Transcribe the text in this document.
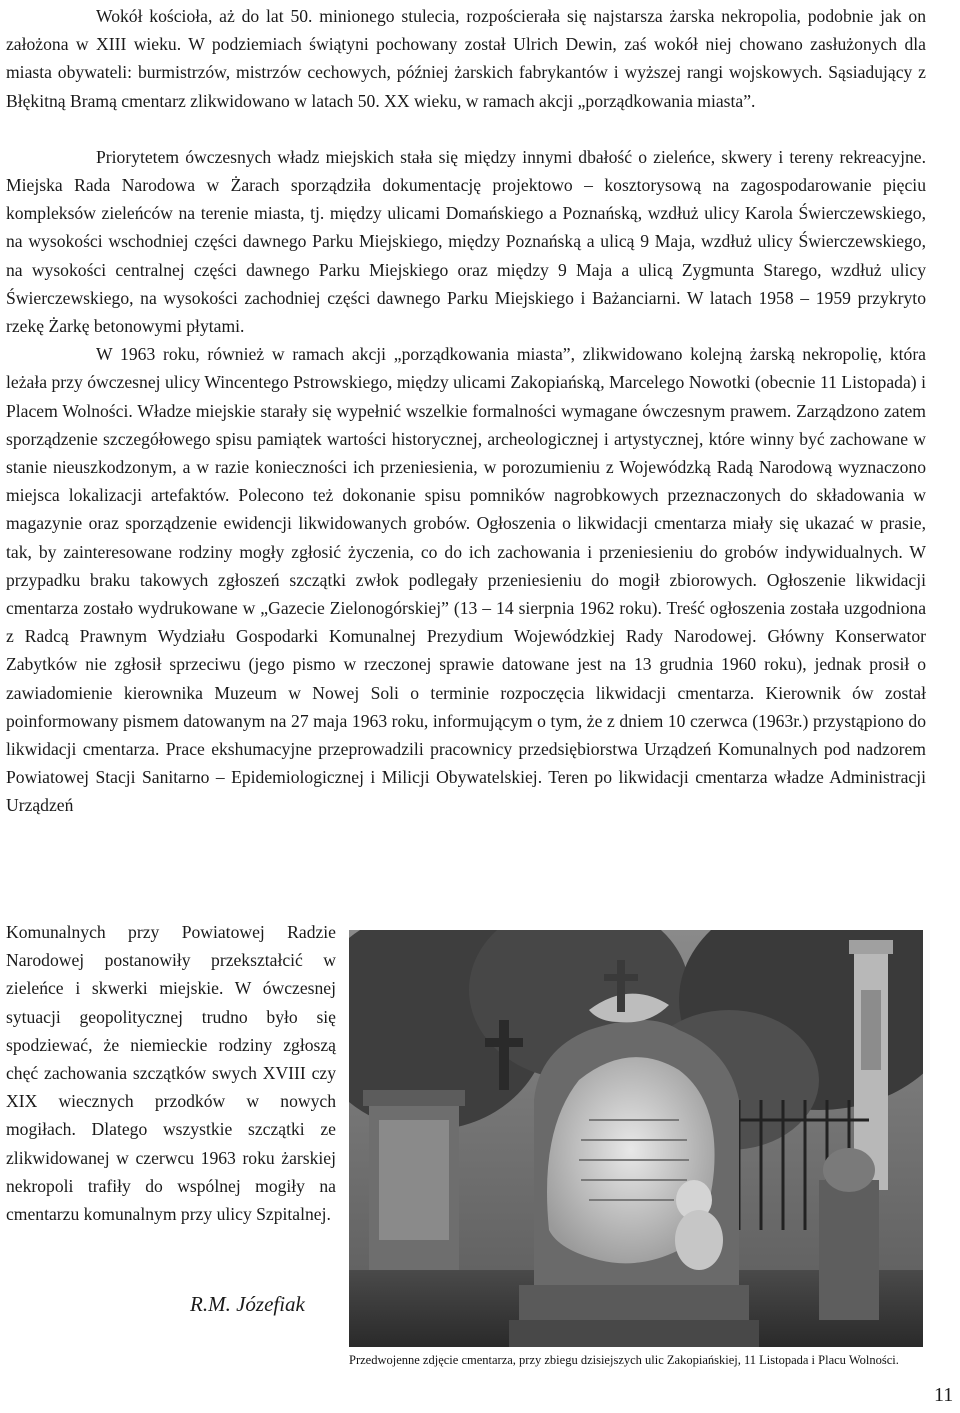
Wokół kościoła, aż do lat 50. minionego stulecia, rozpościerała się najstarsza żarska nekropolia, podobnie jak on założona w XIII wieku. W podziemiach świątyni pochowany został Ulrich Dewin, zaś wokół niej chowano zasłużonych dla miasta obywateli: burmistrzów, mistrzów cechowych, później żarskich fabrykantów i wyższej rangi wojskowych. Sąsiadujący z Błękitną Bramą cmentarz zlikwidowano w latach 50. XX wieku, w ramach akcji „porządkowania miasta”.

Priorytetem ówczesnych władz miejskich stała się między innymi dbałość o zieleńce, skwery i tereny rekreacyjne. Miejska Rada Narodowa w Żarach sporządziła dokumentację projektowo – kosztorysową na zagospodarowanie pięciu kompleksów zieleńców na terenie miasta, tj. między ulicami Domańskiego a Poznańską, wzdłuż ulicy Karola Świerczewskiego, na wysokości wschodniej części dawnego Parku Miejskiego, między Poznańską a ulicą 9 Maja, wzdłuż ulicy Świerczewskiego, na wysokości centralnej części dawnego Parku Miejskiego oraz między 9 Maja a ulicą Zygmunta Starego, wzdłuż ulicy Świerczewskiego, na wysokości zachodniej części dawnego Parku Miejskiego i Bażanciarni. W latach 1958 – 1959 przykryto rzekę Żarkę betonowymi płytami.

W 1963 roku, również w ramach akcji „porządkowania miasta”, zlikwidowano kolejną żarską nekropolię, która leżała przy ówczesnej ulicy Wincentego Pstrowskiego, między ulicami Zakopiańską, Marcelego Nowotki (obecnie 11 Listopada) i Placem Wolności. Władze miejskie starały się wypełnić wszelkie formalności wymagane ówczesnym prawem. Zarządzono zatem sporządzenie szczegółowego spisu pamiątek wartości historycznej, archeologicznej i artystycznej, które winny być zachowane w stanie nieuszkodzonym, a w razie konieczności ich przeniesienia, w porozumieniu z Wojewódzką Radą Narodową wyznaczono miejsca lokalizacji artefaktów. Polecono też dokonanie spisu pomników nagrobkowych przeznaczonych do składowania w magazynie oraz sporządzenie ewidencji likwidowanych grobów. Ogłoszenia o likwidacji cmentarza miały się ukazać w prasie, tak, by zainteresowane rodziny mogły zgłosić życzenia, co do ich zachowania i przeniesieniu do grobów indywidualnych. W przypadku braku takowych zgłoszeń szczątki zwłok podlegały przeniesieniu do mogił zbiorowych. Ogłoszenie likwidacji cmentarza zostało wydrukowane w „Gazecie Zielonogórskiej” (13 – 14 sierpnia 1962 roku). Treść ogłoszenia została uzgodniona z Radcą Prawnym Wydziału Gospodarki Komunalnej Prezydium Wojewódzkiej Rady Narodowej. Główny Konserwator Zabytków nie zgłosił sprzeciwu (jego pismo w rzeczonej sprawie datowane jest na 13 grudnia 1960 roku), jednak prosił o zawiadomienie kierownika Muzeum w Nowej Soli o terminie rozpoczęcia likwidacji cmentarza. Kierownik ów został poinformowany pismem datowanym na 27 maja 1963 roku, informującym o tym, że z dniem 10 czerwca (1963r.) przystąpiono do likwidacji cmentarza. Prace ekshumacyjne przeprowadzili pracownicy przedsiębiorstwa Urządzeń Komunalnych pod nadzorem Powiatowej Stacji Sanitarno – Epidemiologicznej i Milicji Obywatelskiej. Teren po likwidacji cmentarza władze Administracji Urządzeń

Komunalnych przy Powiatowej Radzie Narodowej postanowiły przekształcić w zieleńce i skwerki miejskie. W ówczesnej sytuacji geopolitycznej trudno było się spodziewać, że niemieckie rodziny zgłoszą chęć zachowania szczątków swych XVIII czy XIX wiecznych przodków w nowych mogiłach. Dlatego wszystkie szczątki ze zlikwidowanej w czerwcu 1963 roku żarskiej nekropoli trafiły do wspólnej mogiły na cmentarzu komunalnym przy ulicy Szpitalnej.

R.M. Józefiak
Przedwojenne zdjęcie cmentarza, przy zbiegu dzisiejszych ulic Zakopiańskiej, 11 Listopada i Placu Wolności.
11
